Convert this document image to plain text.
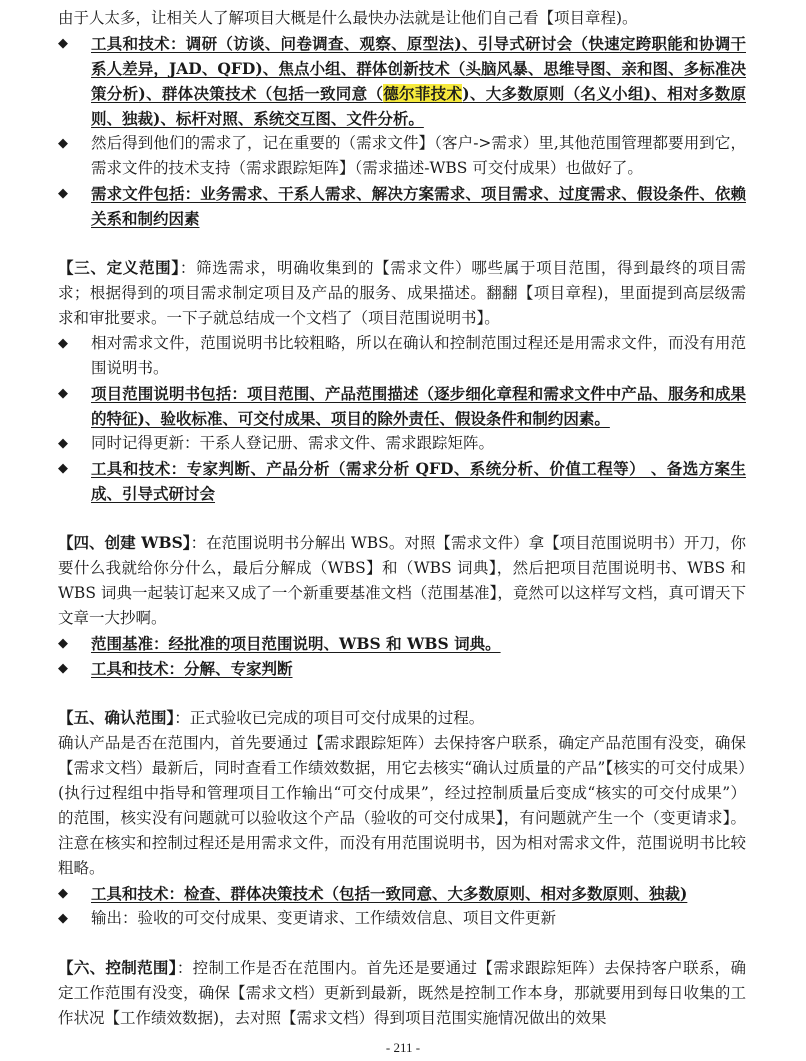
由于人太多，让相关人了解项目大概是什么最快办法就是让他们自己看【项目章程)。

◆ 工具和技术：调研（访谈、问卷调查、观察、原型法)、引导式研讨会（快速定跨职能和协调干系人差异，JAD、QFD)、焦点小组、群体创新技术（头脑风暴、思维导图、亲和图、多标准决策分析)、群体决策技术（包括一致同意（德尔菲技术)、大多数原则（名义小组)、相对多数原则、独裁)、标杆对照、系统交互图、文件分析。
◆ 然后得到他们的需求了，记在重要的（需求文件】（客户->需求）里,其他范围管理都要用到它，需求文件的技术支持（需求跟踪矩阵】（需求描述-WBS 可交付成果）也做好了。
◆ 需求文件包括：业务需求、干系人需求、解决方案需求、项目需求、过度需求、假设条件、依赖关系和制约因素

【三、定义范围】：筛选需求，明确收集到的【需求文件）哪些属于项目范围，得到最终的项目需求；根据得到的项目需求制定项目及产品的服务、成果描述。翻翻【项目章程)，里面提到高层级需求和审批要求。一下子就总结成一个文档了（项目范围说明书】。

◆ 相对需求文件，范围说明书比较粗略，所以在确认和控制范围过程还是用需求文件，而没有用范围说明书。
◆ 项目范围说明书包括：项目范围、产品范围描述（逐步细化章程和需求文件中产品、服务和成果的特征)、验收标准、可交付成果、项目的除外责任、假设条件和制约因素。
◆ 同时记得更新：干系人登记册、需求文件、需求跟踪矩阵。
◆ 工具和技术：专家判断、产品分析（需求分析 QFD、系统分析、价值工程等） 、备选方案生成、引导式研讨会

【四、创建 WBS】：在范围说明书分解出 WBS。对照【需求文件）拿【项目范围说明书）开刀，你要什么我就给你分什么，最后分解成（WBS】和（WBS 词典】，然后把项目范围说明书、WBS 和 WBS 词典一起装订起来又成了一个新重要基准文档（范围基准】，竟然可以这样写文档，真可谓天下文章一大抄啊。

◆ 范围基准：经批准的项目范围说明、WBS 和 WBS 词典。
◆ 工具和技术：分解、专家判断

【五、确认范围】：正式验收已完成的项目可交付成果的过程。

确认产品是否在范围内，首先要通过【需求跟踪矩阵）去保持客户联系，确定产品范围有没变，确保【需求文档）最新后，同时查看工作绩效数据，用它去核实“确认过质量的产品”【核实的可交付成果）(执行过程组中指导和管理项目工作输出“可交付成果”，经过控制质量后变成“核实的可交付成果”）的范围，核实没有问题就可以验收这个产品（验收的可交付成果】，有问题就产生一个（变更请求】。注意在核实和控制过程还是用需求文件，而没有用范围说明书，因为相对需求文件，范围说明书比较粗略。

◆ 工具和技术：检查、群体决策技术（包括一致同意、大多数原则、相对多数原则、独裁)
◆ 输出：验收的可交付成果、变更请求、工作绩效信息、项目文件更新

【六、控制范围】：控制工作是否在范围内。首先还是要通过【需求跟踪矩阵）去保持客户联系，确定工作范围有没变，确保【需求文档）更新到最新，既然是控制工作本身，那就要用到每日收集的工作状况【工作绩效数据)，去对照【需求文档）得到项目范围实施情况做出的效果

- 211 -
